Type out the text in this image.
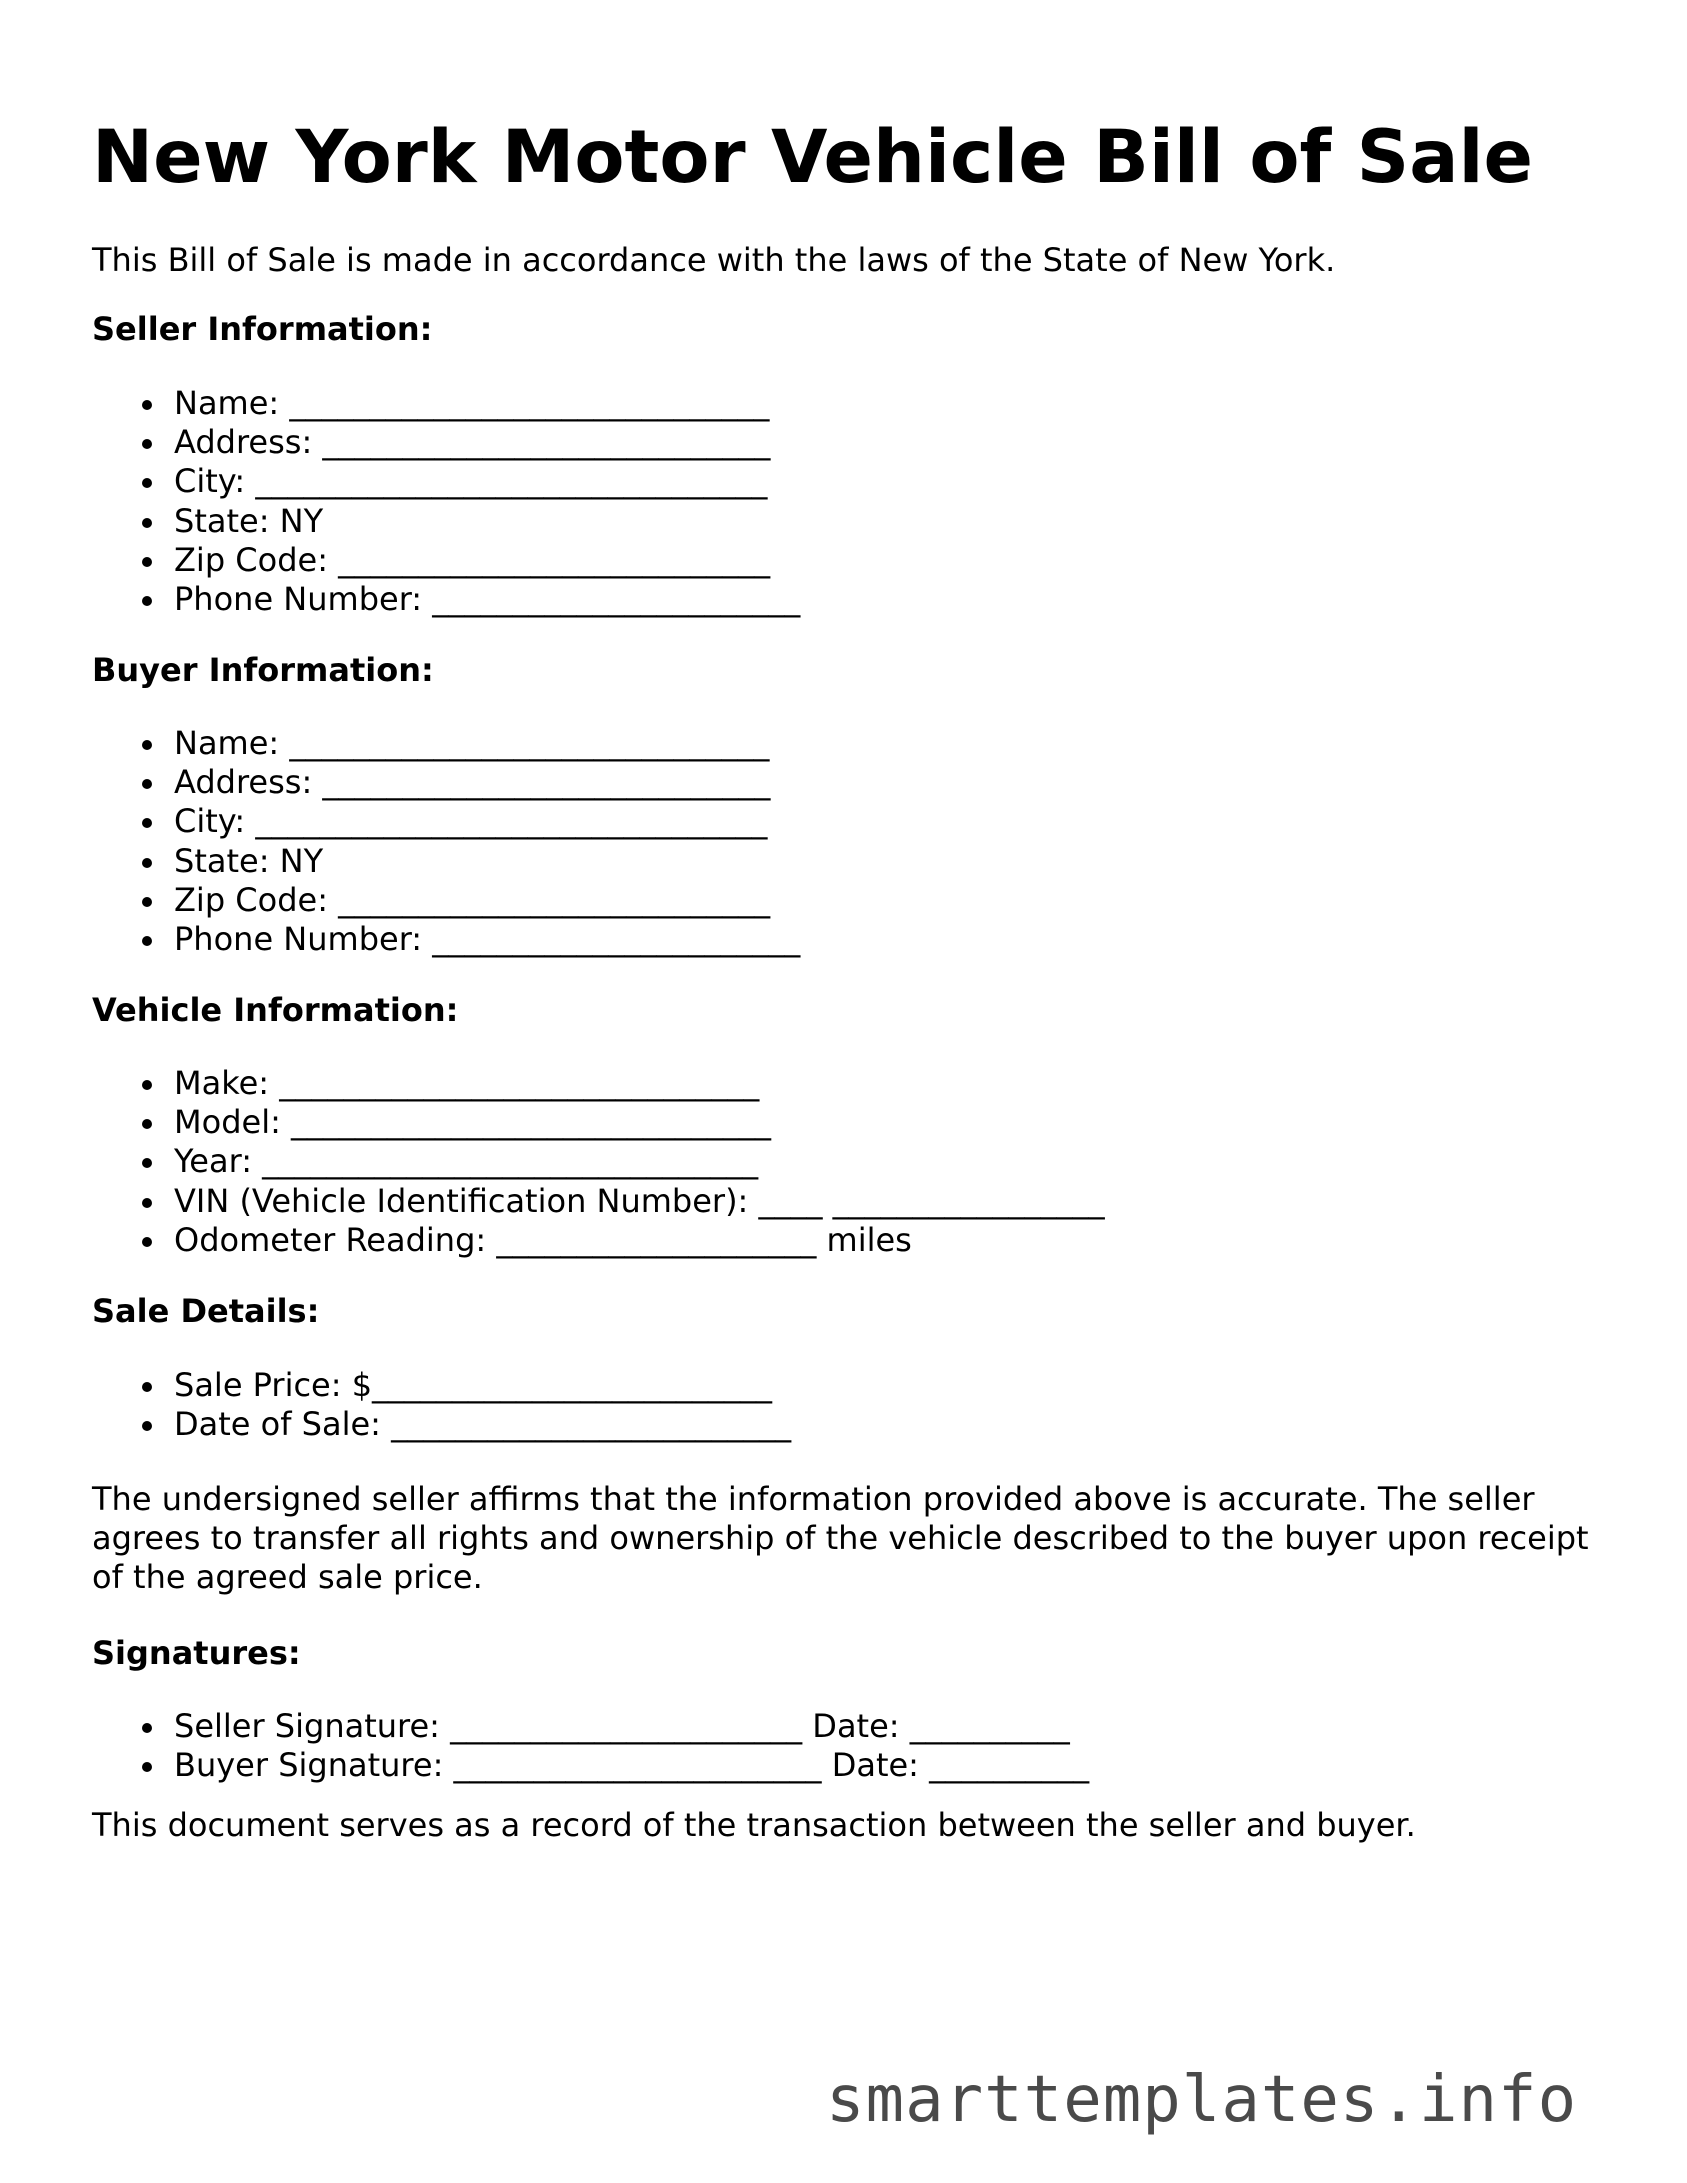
New York Motor Vehicle Bill of Sale

This Bill of Sale is made in accordance with the laws of the State of New York.

Seller Information:
Name: ______________________________
Address: ____________________________
City: ________________________________
State: NY
Zip Code: ___________________________
Phone Number: _______________________
Buyer Information:
Name: ______________________________
Address: ____________________________
City: ________________________________
State: NY
Zip Code: ___________________________
Phone Number: _______________________
Vehicle Information:
Make: ______________________________
Model: ______________________________
Year: _______________________________
VIN (Vehicle Identification Number): ____ _________________
Odometer Reading: ____________________ miles
Sale Details:
Sale Price: $_________________________
Date of Sale: _________________________

The undersigned seller affirms that the information provided above is accurate. The seller agrees to transfer all rights and ownership of the vehicle described to the buyer upon receipt of the agreed sale price.

Signatures:
Seller Signature: ______________________ Date: __________
Buyer Signature: _______________________ Date: __________

This document serves as a record of the transaction between the seller and buyer.

smarttemplates.info
